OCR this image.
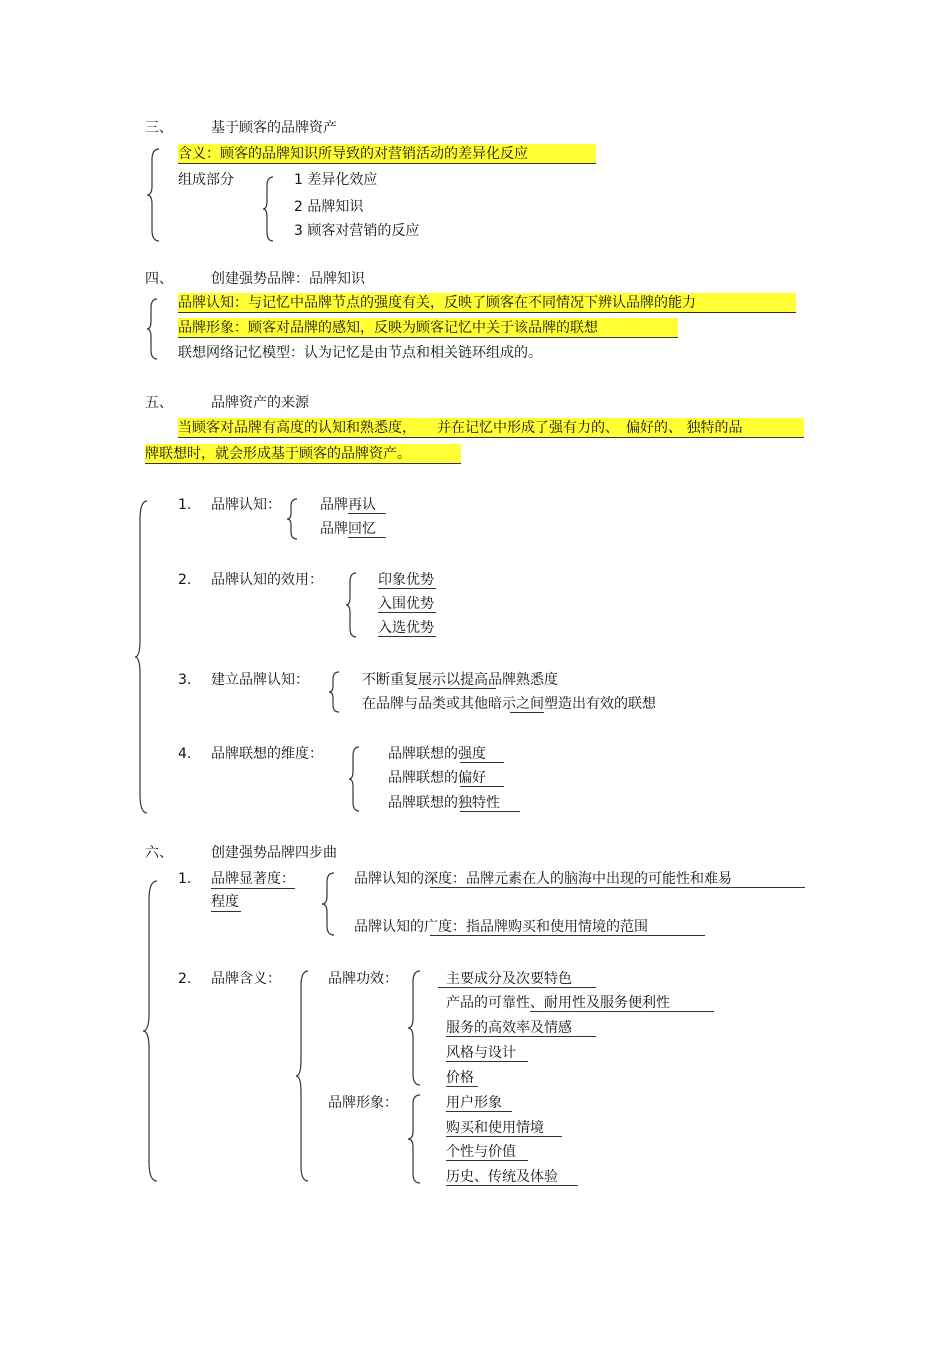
三、	基于顾客的品牌资产
含义：顾客的品牌知识所导致的对营销活动的差异化反应
组成部分	1 差异化效应
2 品牌知识
3 顾客对营销的反应
四、	创建强势品牌：品牌知识
品牌认知：与记忆中品牌节点的强度有关，反映了顾客在不同情况下辨认品牌的能力
品牌形象：顾客对品牌的感知，反映为顾客记忆中关于该品牌的联想
联想网络记忆模型：认为记忆是由节点和相关链环组成的。
五、	品牌资产的来源
当顾客对品牌有高度的认知和熟悉度，　　并在记忆中形成了强有力的、　偏好的、 独特的品
牌联想时，就会形成基于顾客的品牌资产。
1. 品牌认知：	品牌再认
品牌回忆
2. 品牌认知的效用：	印象优势
入围优势
入选优势
3. 建立品牌认知：	不断重复展示以提高品牌熟悉度
在品牌与品类或其他暗示之间塑造出有效的联想
4. 品牌联想的维度：	品牌联想的强度
品牌联想的偏好
品牌联想的独特性
六、	创建强势品牌四步曲
1. 品牌显著度：
程度
品牌认知的深度：品牌元素在人的脑海中出现的可能性和难易
品牌认知的广度：指品牌购买和使用情境的范围
2. 品牌含义：	品牌功效：	主要成分及次要特色
产品的可靠性、耐用性及服务便利性
服务的高效率及情感
风格与设计
价格
品牌形象：	用户形象
购买和使用情境
个性与价值
历史、传统及体验
